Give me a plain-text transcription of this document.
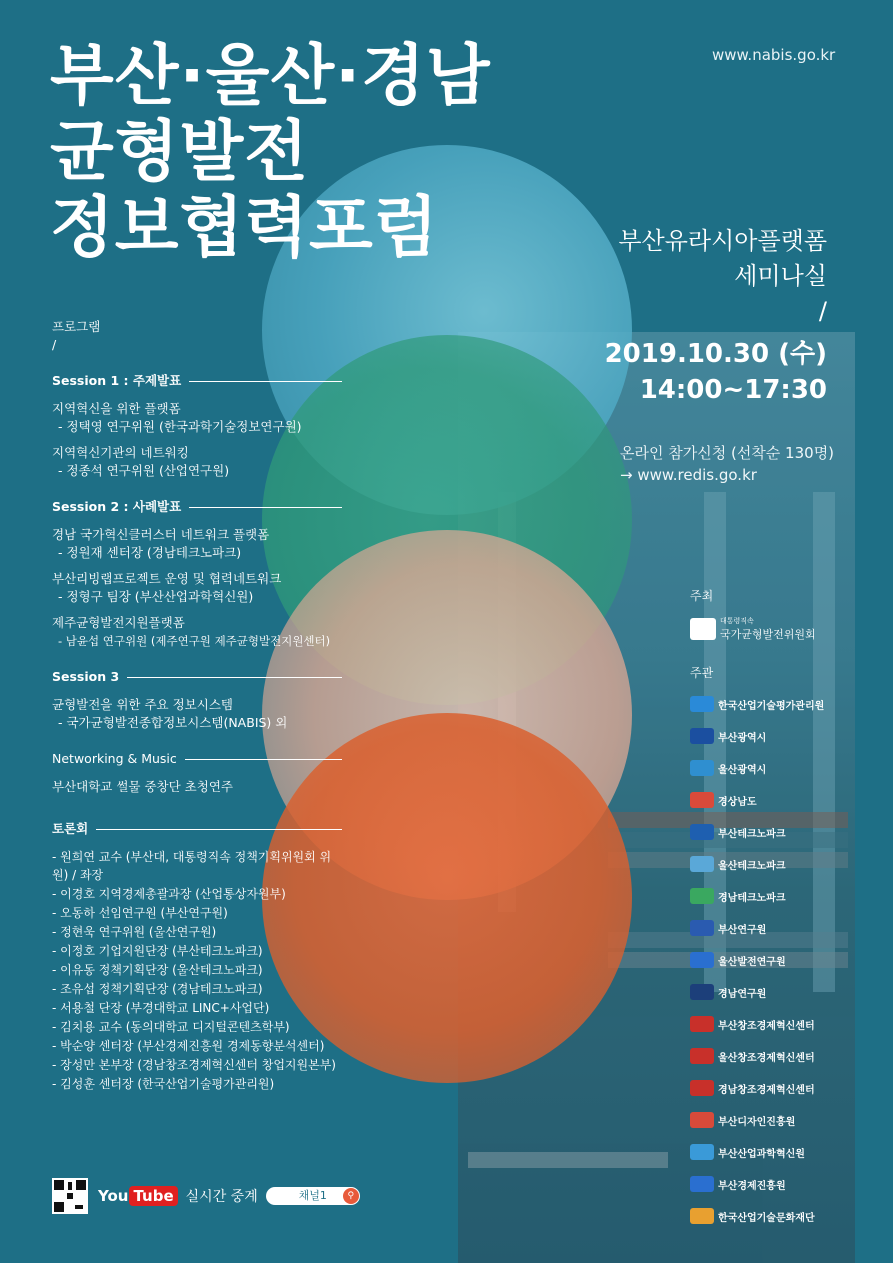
부산·울산·경남
균형발전
정보협력포럼
www.nabis.go.kr
부산유라시아플랫폼
세미나실
/
2019.10.30 (수)
14:00~17:30
온라인 참가신청 (선착순 130명)
→ www.redis.go.kr
프로그램
/
Session 1 : 주제발표
지역혁신을 위한 플랫폼
- 정택영 연구위원 (한국과학기술정보연구원)
지역혁신기관의 네트워킹
- 정종석 연구위원 (산업연구원)
Session 2 : 사례발표
경남 국가혁신클러스터 네트워크 플랫폼
- 정원재 센터장 (경남테크노파크)
부산리빙랩프로젝트 운영 및 협력네트워크
- 정형구 팀장 (부산산업과학혁신원)
제주균형발전지원플랫폼
- 남윤섭 연구위원 (제주연구원 제주균형발전지원센터)
Session 3
균형발전을 위한 주요 정보시스템
- 국가균형발전종합정보시스템(NABIS) 외
Networking & Music
부산대학교 썰물 중창단 초청연주
토론회
- 원희연 교수 (부산대, 대통령직속 정책기획위원회 위원) / 좌장
- 이경호 지역경제총괄과장 (산업통상자원부)
- 오동하 선임연구원 (부산연구원)
- 정현욱 연구위원 (울산연구원)
- 이정호 기업지원단장 (부산테크노파크)
- 이유동 정책기획단장 (울산테크노파크)
- 조유섭 정책기획단장 (경남테크노파크)
- 서용철 단장 (부경대학교 LINC+사업단)
- 김치용 교수 (동의대학교 디지털콘텐츠학부)
- 박순양 센터장 (부산경제진흥원 경제동향분석센터)
- 장성만 본부장 (경남창조경제혁신센터 창업지원본부)
- 김성훈 센터장 (한국산업기술평가관리원)
You Tube 실시간 중계	채널1	⚲
주최
대통령직속
국가균형발전위원회
주관
한국산업기술평가관리원
부산광역시
울산광역시
경상남도
부산테크노파크
울산테크노파크
경남테크노파크
부산연구원
울산발전연구원
경남연구원
부산창조경제혁신센터
울산창조경제혁신센터
경남창조경제혁신센터
부산디자인진흥원
부산산업과학혁신원
부산경제진흥원
한국산업기술문화재단
